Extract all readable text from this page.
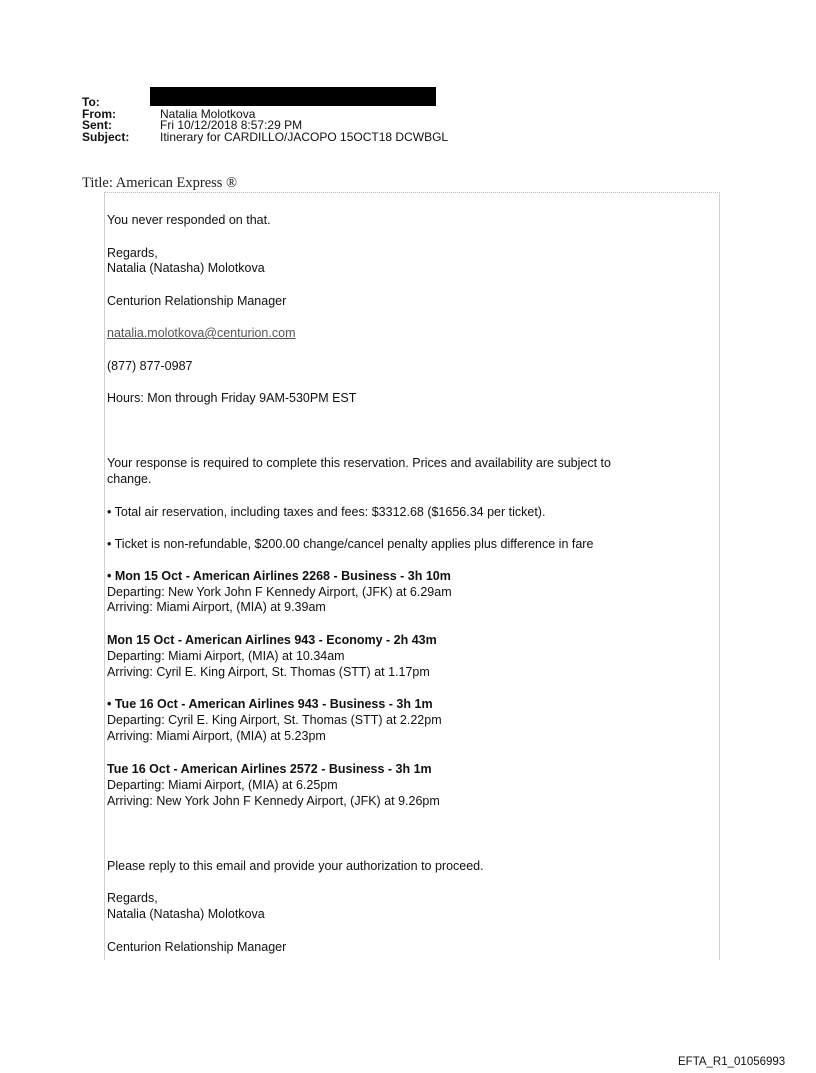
To:
From:	Natalia Molotkova
Sent:	Fri 10/12/2018 8:57:29 PM
Subject:	Itinerary for CARDILLO/JACOPO 15OCT18 DCWBGL
Title: American Express ®
You never responded on that.
Regards,
Natalia (Natasha) Molotkova
Centurion Relationship Manager
natalia.molotkova@centurion.com
(877) 877-0987
Hours: Mon through Friday 9AM-530PM EST
Your response is required to complete this reservation. Prices and availability are subject to
change.
• Total air reservation, including taxes and fees: $3312.68 ($1656.34 per ticket).
• Ticket is non-refundable, $200.00 change/cancel penalty applies plus difference in fare
• Mon 15 Oct - American Airlines 2268 - Business - 3h 10m
Departing: New York John F Kennedy Airport, (JFK) at 6.29am
Arriving: Miami Airport, (MIA) at 9.39am
Mon 15 Oct - American Airlines 943 - Economy - 2h 43m
Departing: Miami Airport, (MIA) at 10.34am
Arriving: Cyril E. King Airport, St. Thomas (STT) at 1.17pm
• Tue 16 Oct - American Airlines 943 - Business - 3h 1m
Departing: Cyril E. King Airport, St. Thomas (STT) at 2.22pm
Arriving: Miami Airport, (MIA) at 5.23pm
Tue 16 Oct - American Airlines 2572 - Business - 3h 1m
Departing: Miami Airport, (MIA) at 6.25pm
Arriving: New York John F Kennedy Airport, (JFK) at 9.26pm
Please reply to this email and provide your authorization to proceed.
Regards,
Natalia (Natasha) Molotkova
Centurion Relationship Manager
EFTA_R1_01056993
